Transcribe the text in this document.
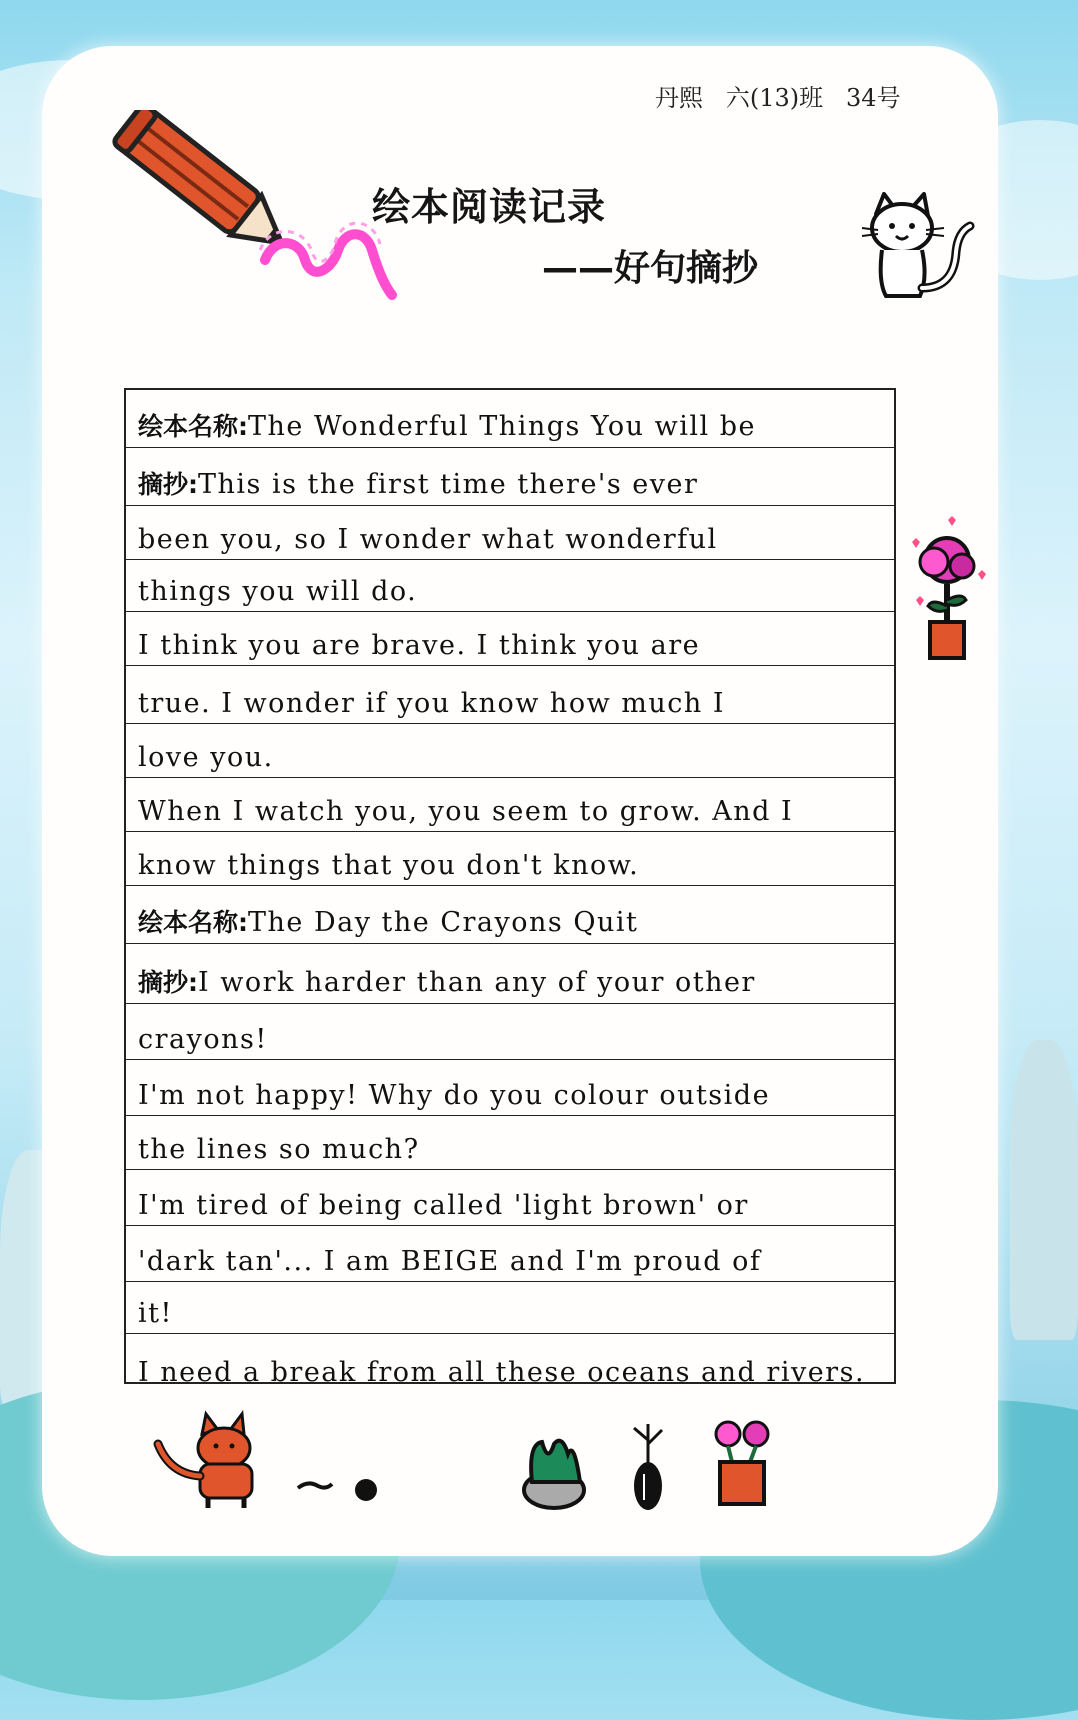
丹熙   六(13)班   34号
绘本阅读记录
——好句摘抄
绘本名称:The Wonderful Things You will be
摘抄:This is the first time there's ever
been you, so I wonder what wonderful
things you will do.
I think you are brave. I think you are
true. I wonder if you know how much I
love you.
When I watch you, you seem to grow. And I
know things that you don't know.
绘本名称:The Day the Crayons Quit
摘抄:I work harder than any of your other
crayons!
I'm not happy! Why do you colour outside
the lines so much?
I'm tired of being called 'light brown' or
'dark tan'... I am BEIGE and I'm proud of
it!
I need a break from all these oceans and rivers.
